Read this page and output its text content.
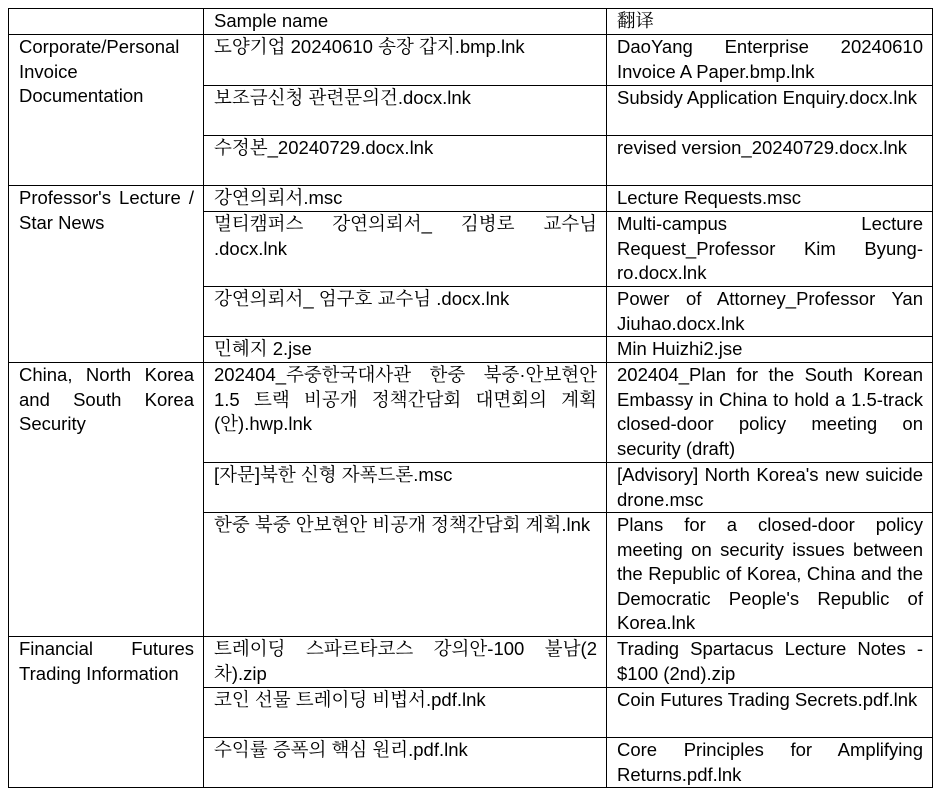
	Sample name	翻译
Corporate/Personal Invoice Documentation	도양기업 20240610 송장 갑지.bmp.lnk	DaoYang Enterprise 20240610 Invoice A Paper.bmp.lnk
	보조금신청 관련문의건.docx.lnk	Subsidy Application Enquiry.docx.lnk
	수정본_20240729.docx.lnk	revised version_20240729.docx.lnk
Professor's Lecture / Star News	강연의뢰서.msc	Lecture Requests.msc
	멀티캠퍼스 강연의뢰서_ 김병로 교수님 .docx.lnk	Multi-campus Lecture Request_Professor Kim Byung-ro.docx.lnk
	강연의뢰서_ 엄구호 교수님 .docx.lnk	Power of Attorney_Professor Yan Jiuhao.docx.lnk
	민혜지 2.jse	Min Huizhi2.jse
China, North Korea and South Korea Security	202404_주중한국대사관 한중 북중·안보현안 1.5 트랙 비공개 정책간담회 대면회의 계획(안).hwp.lnk	202404_Plan for the South Korean Embassy in China to hold a 1.5-track closed-door policy meeting on security (draft)
	[자문]북한 신형 자폭드론.msc	[Advisory] North Korea's new suicide drone.msc
	한중 북중 안보현안 비공개 정책간담회 계획.lnk	Plans for a closed-door policy meeting on security issues between the Republic of Korea, China and the Democratic People's Republic of Korea.lnk
Financial Futures Trading Information	트레이딩 스파르타코스 강의안-100 불남(2차).zip	Trading Spartacus Lecture Notes - $100 (2nd).zip
	코인 선물 트레이딩 비법서.pdf.lnk	Coin Futures Trading Secrets.pdf.lnk
	수익률 증폭의 핵심 원리.pdf.lnk	Core Principles for Amplifying Returns.pdf.lnk
